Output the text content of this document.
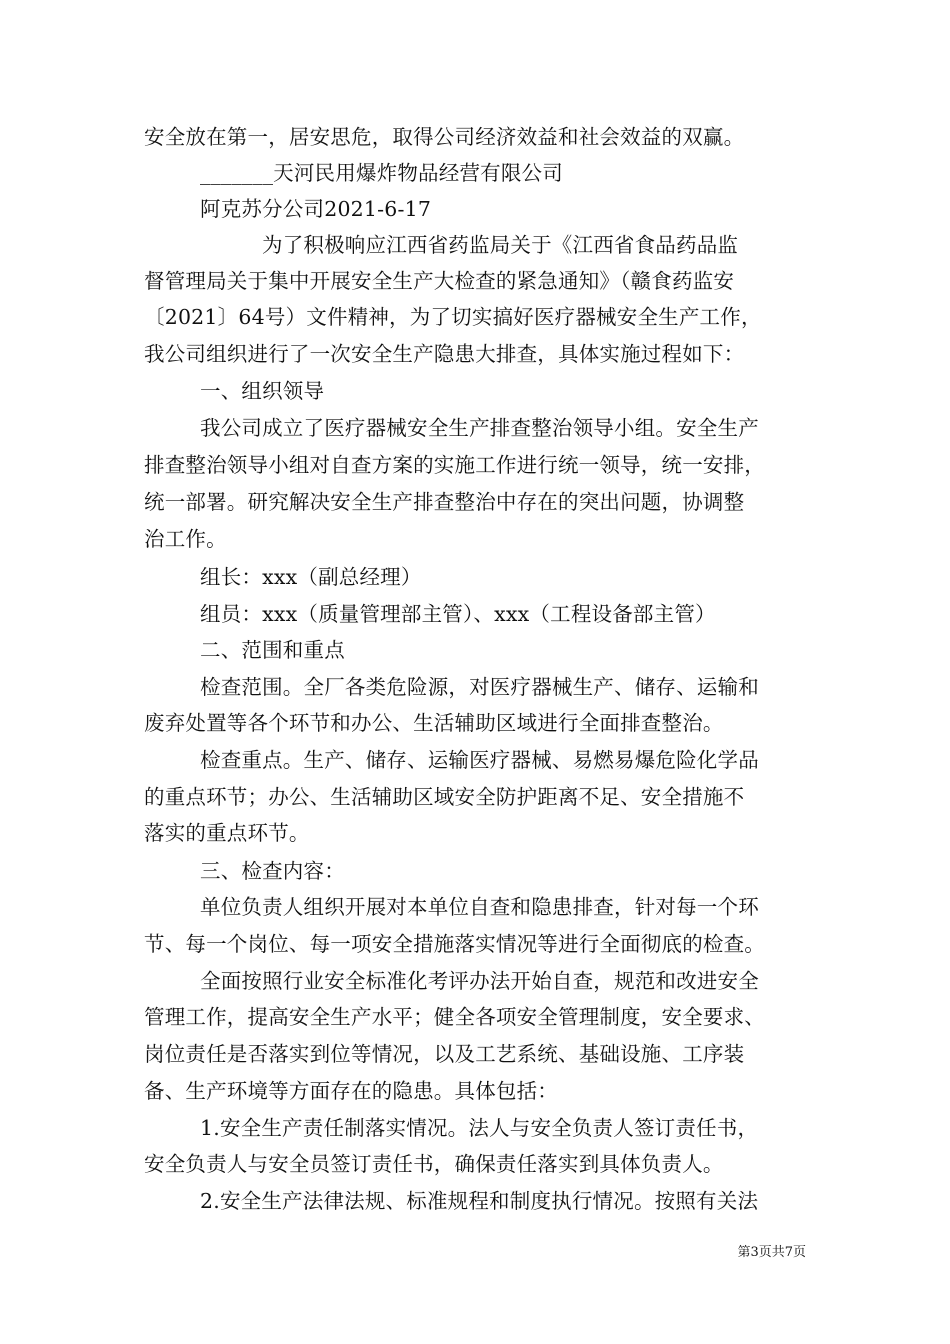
安全放在第一，居安思危，取得公司经济效益和社会效益的双赢。
_______天河民用爆炸物品经营有限公司
阿克苏分公司2021-6-17
为了积极响应江西省药监局关于《江西省食品药品监
督管理局关于集中开展安全生产大检查的紧急通知》（赣食药监安
〔2021〕64号）文件精神，为了切实搞好医疗器械安全生产工作，
我公司组织进行了一次安全生产隐患大排查，具体实施过程如下：
一、组织领导
我公司成立了医疗器械安全生产排查整治领导小组。安全生产
排查整治领导小组对自查方案的实施工作进行统一领导，统一安排，
统一部署。研究解决安全生产排查整治中存在的突出问题，协调整
治工作。
组长：xxx（副总经理）
组员：xxx（质量管理部主管）、xxx（工程设备部主管）
二、范围和重点
检查范围。全厂各类危险源，对医疗器械生产、储存、运输和
废弃处置等各个环节和办公、生活辅助区域进行全面排查整治。
检查重点。生产、储存、运输医疗器械、易燃易爆危险化学品
的重点环节；办公、生活辅助区域安全防护距离不足、安全措施不
落实的重点环节。
三、检查内容：
单位负责人组织开展对本单位自查和隐患排查，针对每一个环
节、每一个岗位、每一项安全措施落实情况等进行全面彻底的检查。
全面按照行业安全标准化考评办法开始自查，规范和改进安全
管理工作，提高安全生产水平；健全各项安全管理制度，安全要求、
岗位责任是否落实到位等情况，以及工艺系统、基础设施、工序装
备、生产环境等方面存在的隐患。具体包括：
1.安全生产责任制落实情况。法人与安全负责人签订责任书，
安全负责人与安全员签订责任书，确保责任落实到具体负责人。
2.安全生产法律法规、标准规程和制度执行情况。按照有关法
第3页共7页
